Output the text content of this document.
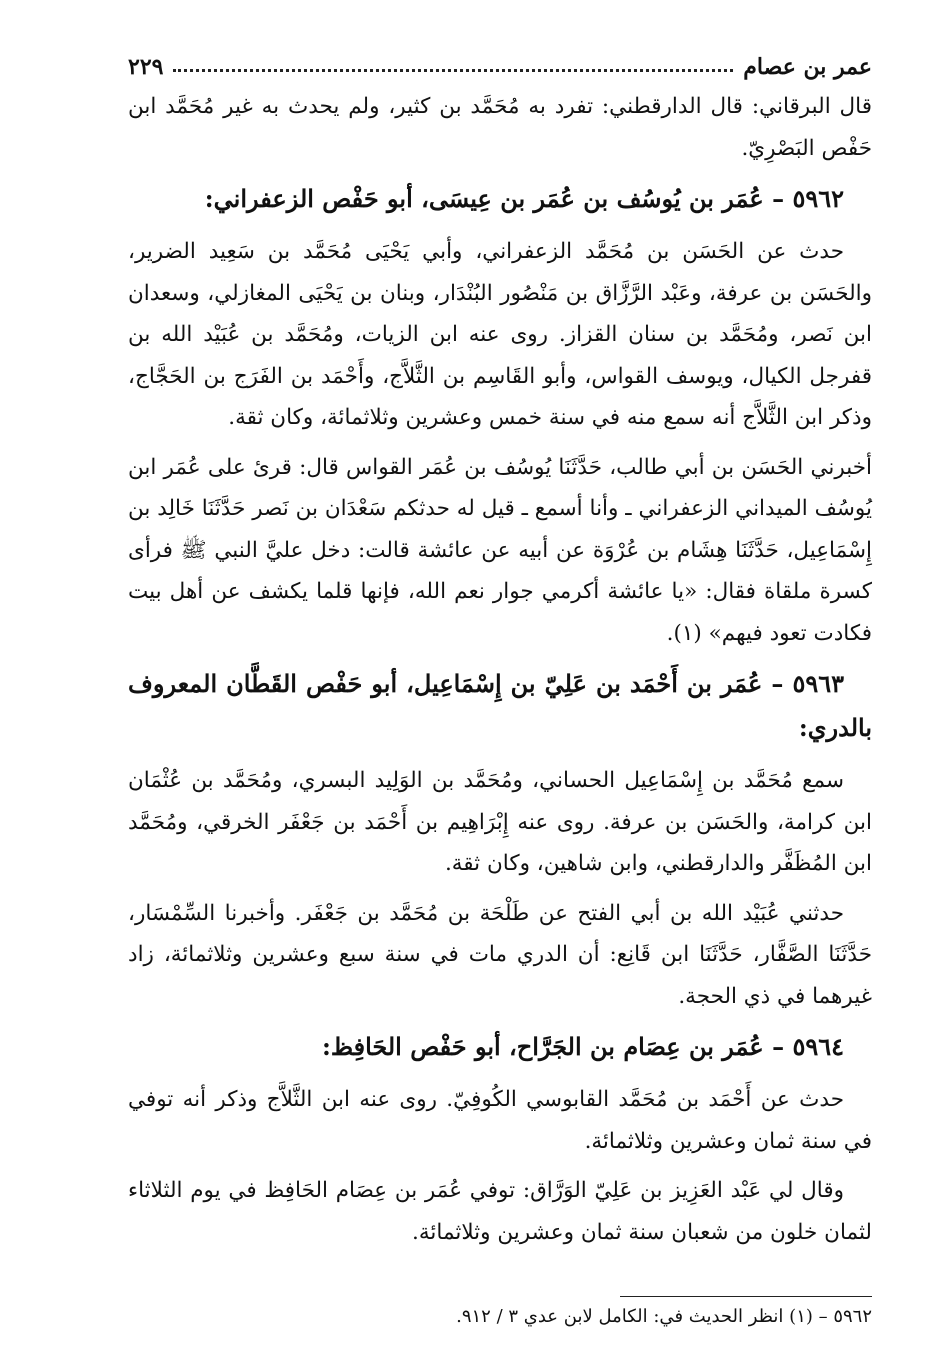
عمر بن عصام
٢٢٩

قال البرقاني: قال الدارقطني: تفرد به مُحَمَّد بن كثير، ولم يحدث به غير مُحَمَّد ابن حَفْص البَصْرِيّ.

٥٩٦٢ – عُمَر بن يُوسُف بن عُمَر بن عِيسَى، أبو حَفْص الزعفراني:

حدث عن الحَسَن بن مُحَمَّد الزعفراني، وأبي يَحْيَى مُحَمَّد بن سَعِيد الضرير، والحَسَن بن عرفة، وعَبْد الرَّزَّاق بن مَنْصُور البُنْدَار، وبنان بن يَحْيَى المغازلي، وسعدان ابن نَصر، ومُحَمَّد بن سنان القزاز. روى عنه ابن الزيات، ومُحَمَّد بن عُبَيْد الله بن قفرجل الكيال، ويوسف القواس، وأبو القَاسِم بن الثَّلاَّج، وأَحْمَد بن الفَرَج بن الحَجَّاج، وذكر ابن الثَّلاَّج أنه سمع منه في سنة خمس وعشرين وثلاثمائة، وكان ثقة.

أخبرني الحَسَن بن أبي طالب، حَدَّثَنَا يُوسُف بن عُمَر القواس قال: قرئ على عُمَر ابن يُوسُف الميداني الزعفراني ـ وأنا أسمع ـ قيل له حدثكم سَعْدَان بن نَصر حَدَّثَنَا خَالِد بن إِسْمَاعِيل، حَدَّثَنَا هِشَام بن عُرْوَة عن أبيه عن عائشة قالت: دخل عليَّ النبي ﷺ فرأى كسرة ملقاة فقال: «يا عائشة أكرمي جوار نعم الله، فإنها قلما يكشف عن أهل بيت فكادت تعود فيهم» (١).

٥٩٦٣ – عُمَر بن أَحْمَد بن عَلِيّ بن إِسْمَاعِيل، أبو حَفْص القَطَّان المعروف بالدري:

سمع مُحَمَّد بن إِسْمَاعِيل الحساني، ومُحَمَّد بن الوَلِيد البسري، ومُحَمَّد بن عُثْمَان ابن كرامة، والحَسَن بن عرفة. روى عنه إِبْرَاهِيم بن أَحْمَد بن جَعْفَر الخرقي، ومُحَمَّد ابن المُظَفَّر والدارقطني، وابن شاهين، وكان ثقة.

حدثني عُبَيْد الله بن أبي الفتح عن طَلْحَة بن مُحَمَّد بن جَعْفَر. وأخبرنا السِّمْسَار، حَدَّثَنَا الصَّفَّار، حَدَّثَنَا ابن قَانِع: أن الدري مات في سنة سبع وعشرين وثلاثمائة، زاد غيرهما في ذي الحجة.

٥٩٦٤ – عُمَر بن عِصَام بن الجَرَّاح، أبو حَفْص الحَافِظ:

حدث عن أَحْمَد بن مُحَمَّد القابوسي الكُوفِيّ. روى عنه ابن الثَّلاَّج وذكر أنه توفي في سنة ثمان وعشرين وثلاثمائة.

وقال لي عَبْد العَزِيز بن عَلِيّ الوَرَّاق: توفي عُمَر بن عِصَام الحَافِظ في يوم الثلاثاء لثمان خلون من شعبان سنة ثمان وعشرين وثلاثمائة.

٥٩٦٢ – (١) انظر الحديث في: الكامل لابن عدي ٣ / ٩١٢.
